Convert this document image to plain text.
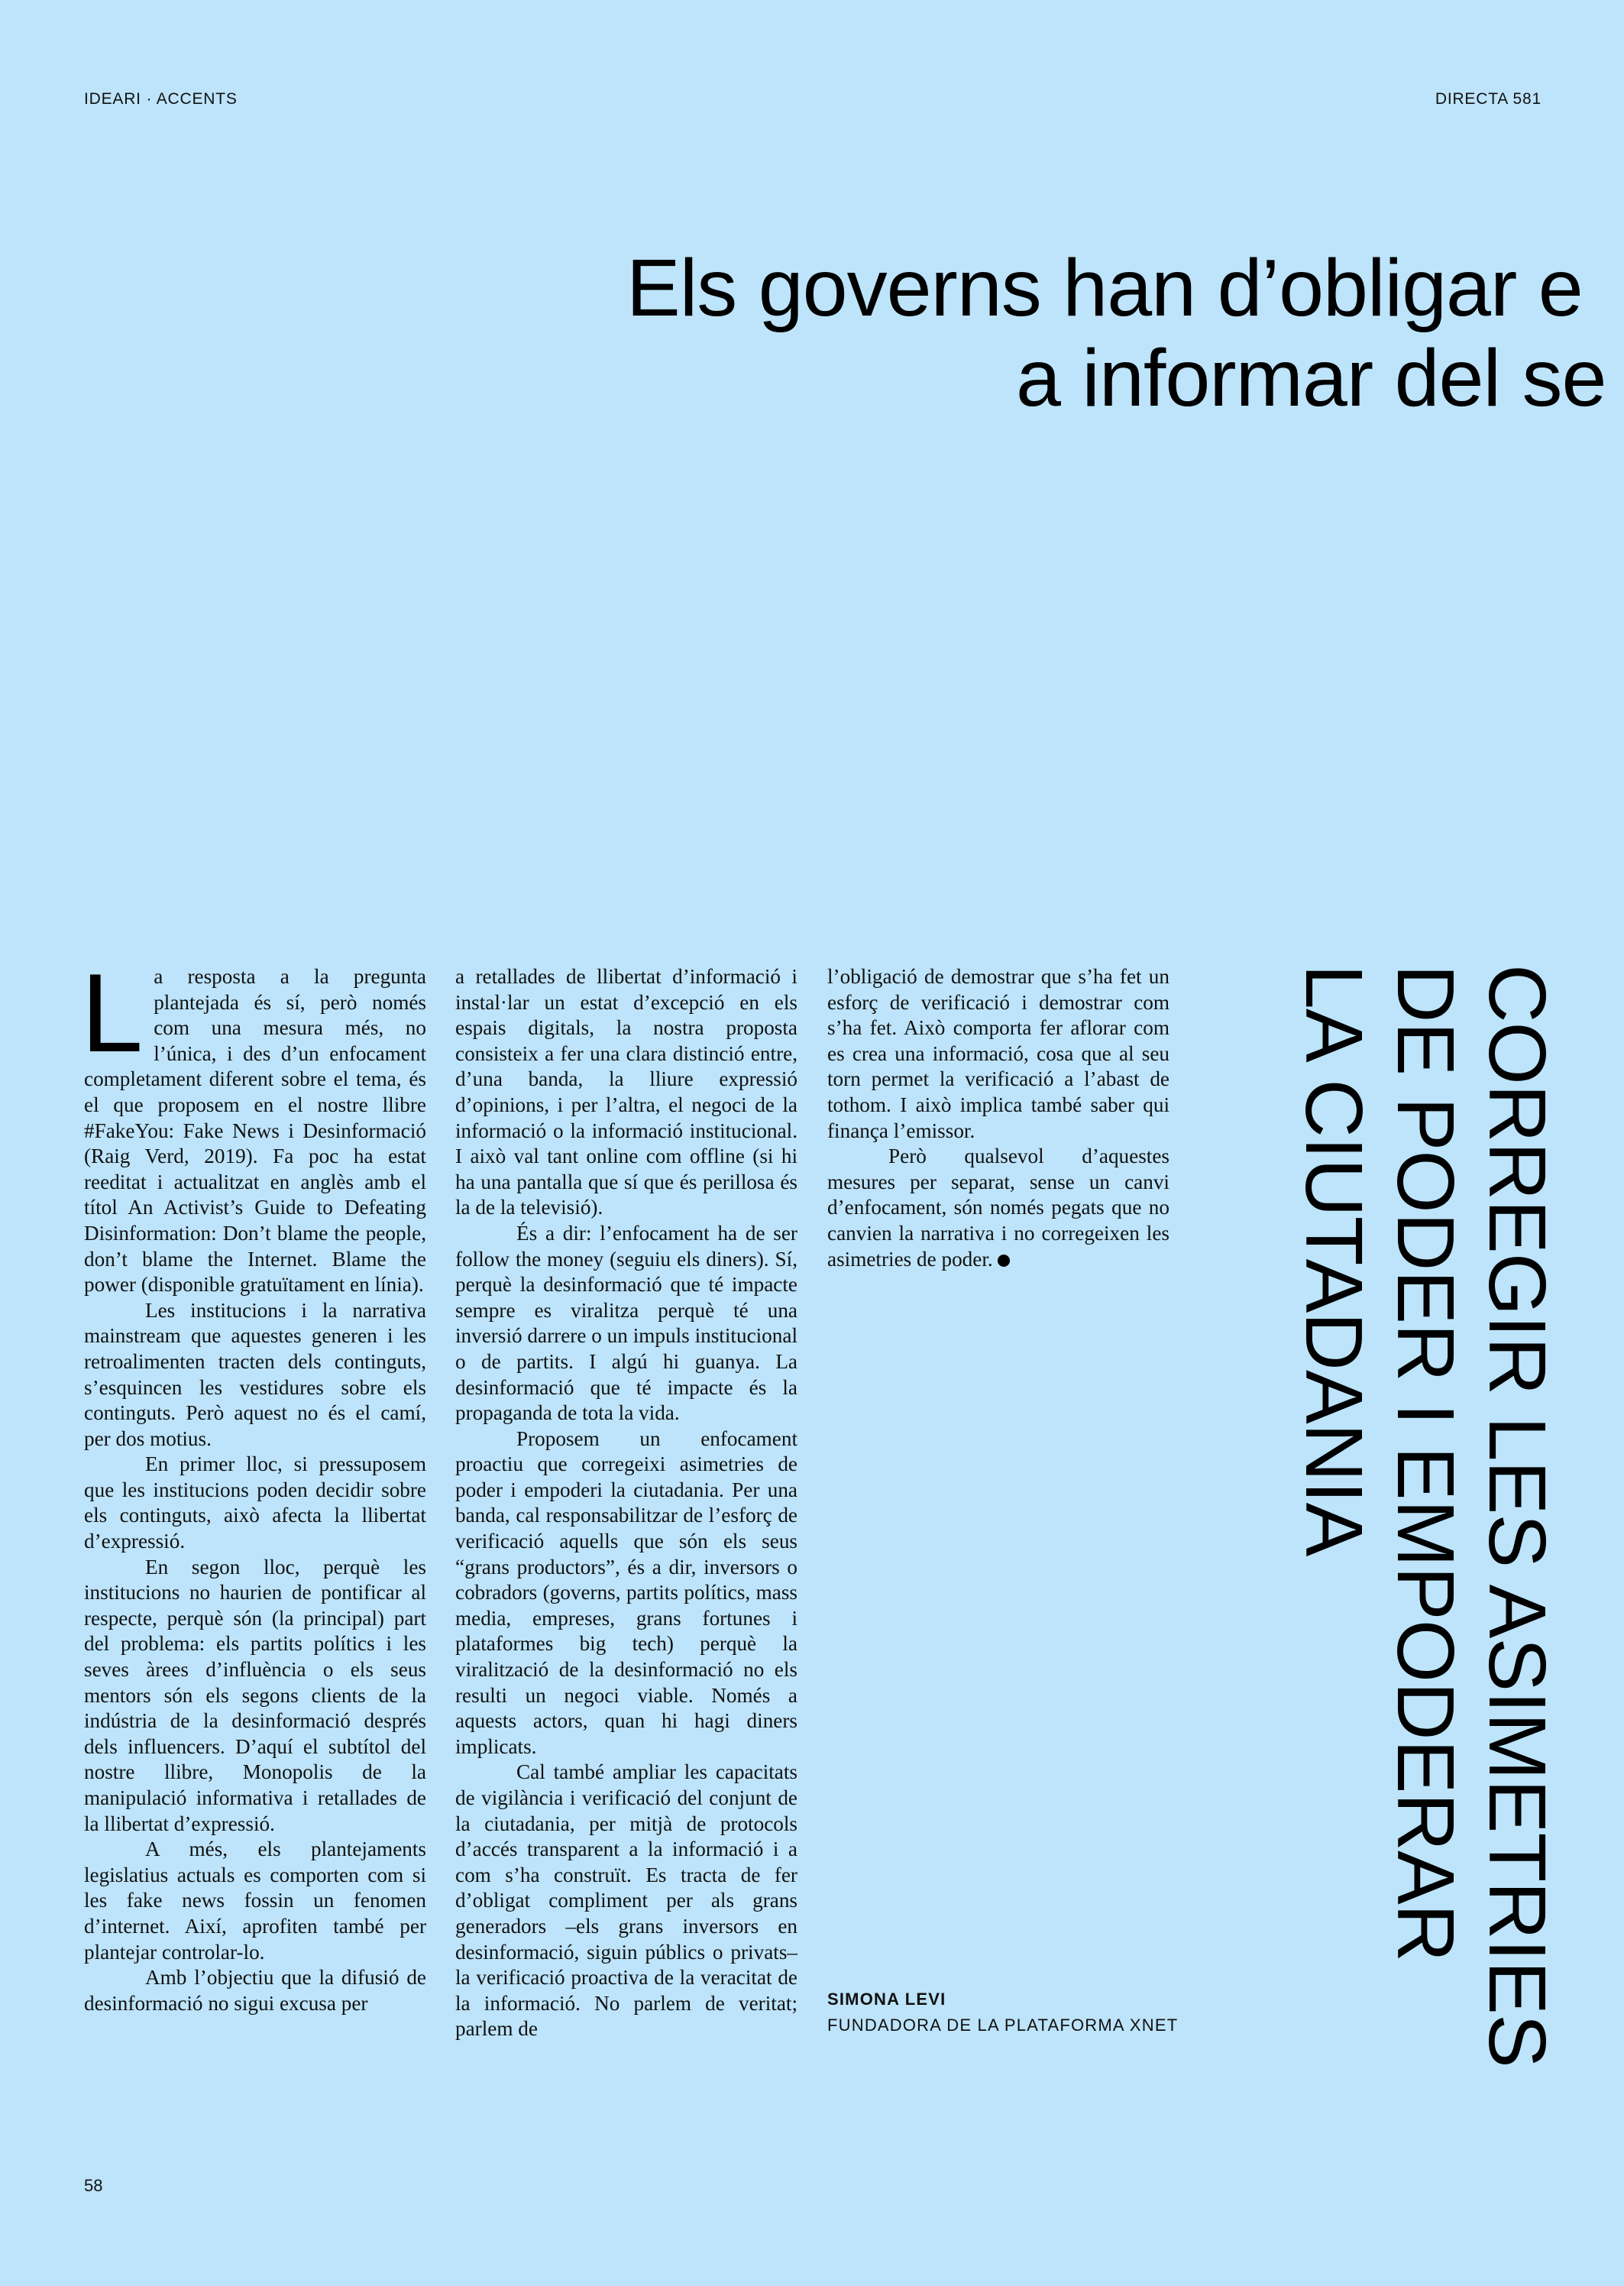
IDEARI · ACCENTS	DIRECTA 581
Els governs han d’obligar e
a informar del se

La resposta a la pregunta plantejada és sí, però només com una mesura més, no l’única, i des d’un enfocament completament diferent sobre el tema, és el que proposem en el nostre llibre #FakeYou: Fake News i Desinformació (Raig Verd, 2019). Fa poc ha estat reeditat i actualitzat en anglès amb el títol An Activist’s Guide to Defeating Disinformation: Don’t blame the people, don’t blame the Internet. Blame the power (disponible gratuïtament en línia).

Les institucions i la narrativa mainstream que aquestes generen i les retroalimenten tracten dels continguts, s’esquincen les vestidures sobre els continguts. Però aquest no és el camí, per dos motius.

En primer lloc, si pressuposem que les institucions poden decidir sobre els continguts, això afecta la llibertat d’expressió.

En segon lloc, perquè les institucions no haurien de pontificar al respecte, perquè són (la principal) part del problema: els partits polítics i les seves àrees d’influència o els seus mentors són els segons clients de la indústria de la desinformació després dels influencers. D’aquí el subtítol del nostre llibre, Monopolis de la manipulació informativa i retallades de la llibertat d’expressió.

A més, els plantejaments legislatius actuals es comporten com si les fake news fossin un fenomen d’internet. Així, aprofiten també per plantejar controlar-lo.

Amb l’objectiu que la difusió de desinformació no sigui excusa per

a retallades de llibertat d’informació i instal·lar un estat d’excepció en els espais digitals, la nostra proposta consisteix a fer una clara distinció entre, d’una banda, la lliure expressió d’opinions, i per l’altra, el negoci de la informació o la informació institucional. I això val tant online com offline (si hi ha una pantalla que sí que és perillosa és la de la televisió).

És a dir: l’enfocament ha de ser follow the money (seguiu els diners). Sí, perquè la desinformació que té impacte sempre es viralitza perquè té una inversió darrere o un impuls institucional o de partits. I algú hi guanya. La desinformació que té impacte és la propaganda de tota la vida.

Proposem un enfocament proactiu que corregeixi asimetries de poder i empoderi la ciutadania. Per una banda, cal responsabilitzar de l’esforç de verificació aquells que són els seus “grans productors”, és a dir, inversors o cobradors (governs, partits polítics, mass media, empreses, grans fortunes i plataformes big tech) perquè la viralització de la desinformació no els resulti un negoci viable. Només a aquests actors, quan hi hagi diners implicats.

Cal també ampliar les capacitats de vigilància i verificació del conjunt de la ciutadania, per mitjà de protocols d’accés transparent a la informació i a com s’ha construït. Es tracta de fer d’obligat compliment per als grans generadors –els grans inversors en desinformació, siguin públics o privats– la verificació proactiva de la veracitat de la informació. No parlem de veritat; parlem de

l’obligació de demostrar que s’ha fet un esforç de verificació i demostrar com s’ha fet. Això comporta fer aflorar com es crea una informació, cosa que al seu torn permet la verificació a l’abast de tothom. I això implica també saber qui finança l’emissor.

Però qualsevol d’aquestes mesures per separat, sense un canvi d’enfocament, són només pegats que no canvien la narrativa i no corregeixen les asimetries de poder.

SIMONA LEVI
FUNDADORA DE LA PLATAFORMA XNET	CORREGIR LES ASIMETRIES
DE PODER I EMPODERAR
LA CIUTADANIA
58
